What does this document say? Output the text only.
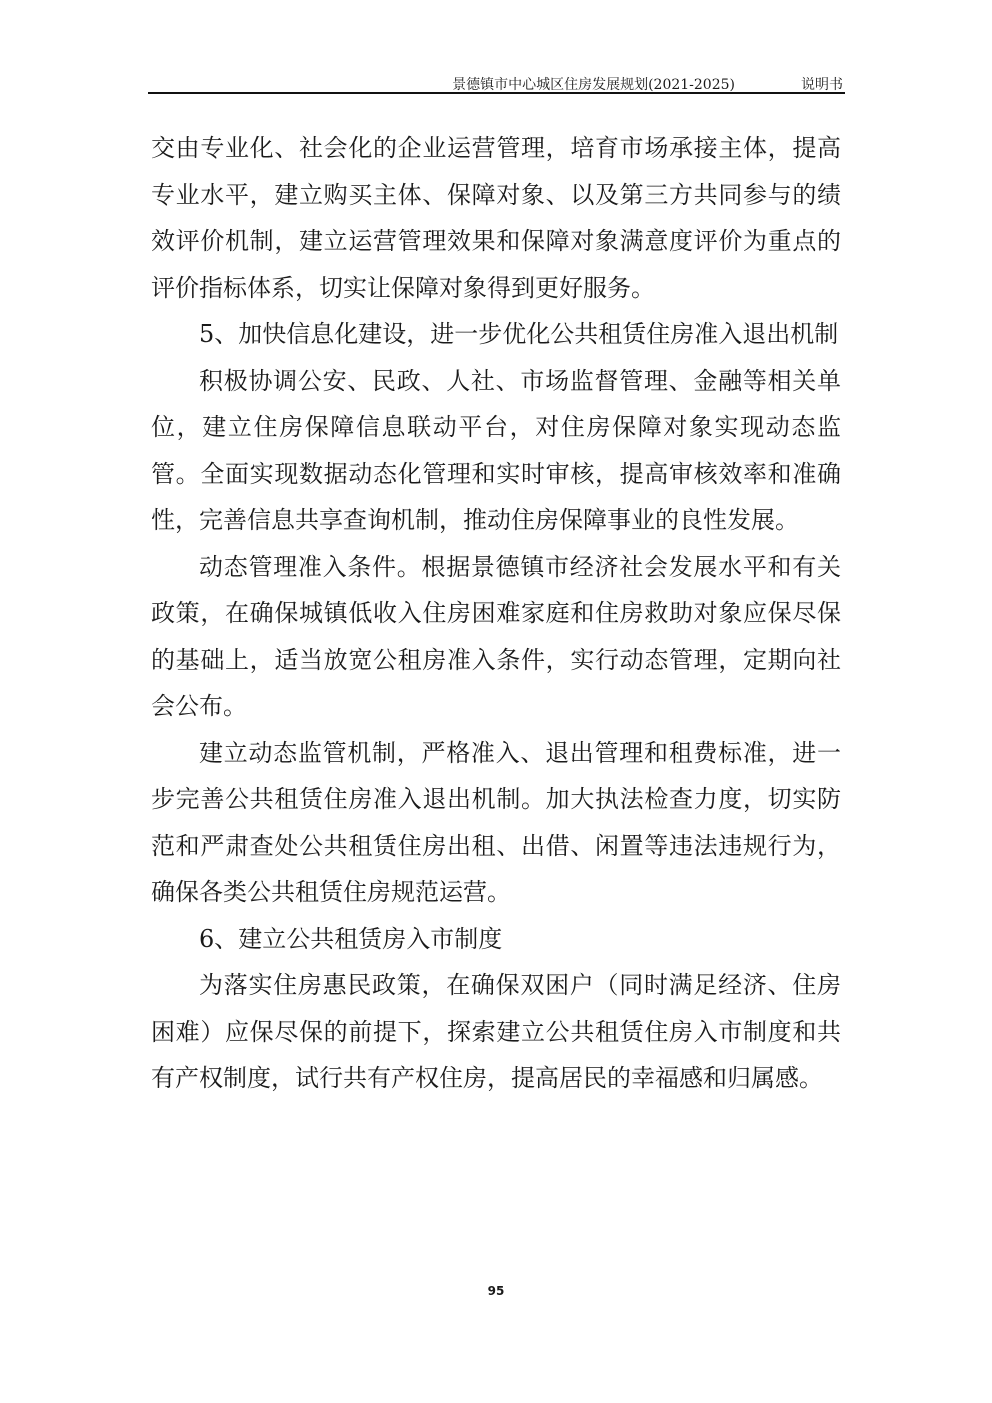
景德镇市中心城区住房发展规划(2021-2025)	说明书

交由专业化、社会化的企业运营管理，培育市场承接主体，提高专业水平，建立购买主体、保障对象、以及第三方共同参与的绩效评价机制，建立运营管理效果和保障对象满意度评价为重点的评价指标体系，切实让保障对象得到更好服务。

5、加快信息化建设，进一步优化公共租赁住房准入退出机制

积极协调公安、民政、人社、市场监督管理、金融等相关单位，建立住房保障信息联动平台，对住房保障对象实现动态监管。全面实现数据动态化管理和实时审核，提高审核效率和准确性，完善信息共享查询机制，推动住房保障事业的良性发展。

动态管理准入条件。根据景德镇市经济社会发展水平和有关政策，在确保城镇低收入住房困难家庭和住房救助对象应保尽保的基础上，适当放宽公租房准入条件，实行动态管理，定期向社会公布。

建立动态监管机制，严格准入、退出管理和租费标准，进一步完善公共租赁住房准入退出机制。加大执法检查力度，切实防范和严肃查处公共租赁住房出租、出借、闲置等违法违规行为，确保各类公共租赁住房规范运营。

6、建立公共租赁房入市制度

为落实住房惠民政策，在确保双困户（同时满足经济、住房困难）应保尽保的前提下，探索建立公共租赁住房入市制度和共有产权制度，试行共有产权住房，提高居民的幸福感和归属感。

95
